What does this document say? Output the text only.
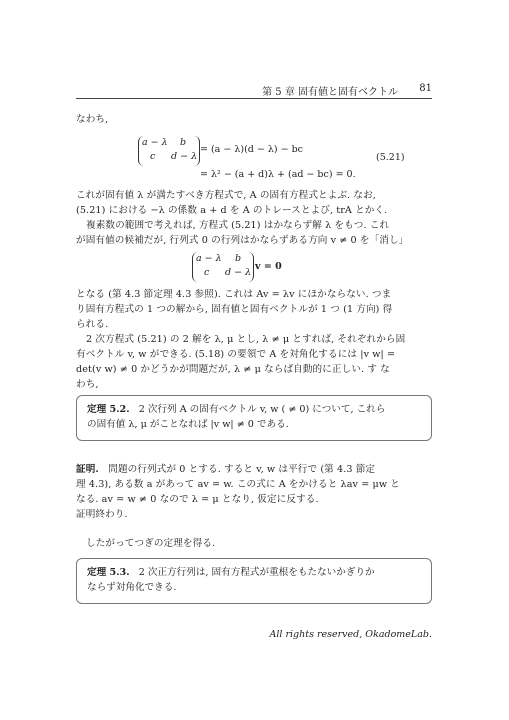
第 5 章 固有値と固有ベクトル 81
なわち,
a − λ b
c d − λ
= (a − λ)(d − λ) − bc
= λ² − (a + d)λ + (ad − bc) = 0.
(5.21)
これが固有値 λ が満たすべき方程式で, A の固有方程式とよぶ. なお,
(5.21) における −λ の係数 a + d を A のトレースとよび, trA とかく.
複素数の範囲で考えれば, 方程式 (5.21) はかならず解 λ をもつ. これ
が固有値の候補だが, 行列式 0 の行列はかならずある方向 v ≠ 0 を「消し」
a − λ b
c d − λ
v = 0
となる (第 4.3 節定理 4.3 参照). これは Av = λv にほかならない. つま
り固有方程式の 1 つの解から, 固有値と固有ベクトルが 1 つ (1 方向) 得
られる.
2 次方程式 (5.21) の 2 解を λ, μ とし, λ ≠ μ とすれば, それぞれから固
有ベクトル v, w ができる. (5.18) の要領で A を対角化するには |v w| =
det(v w) ≠ 0 かどうかが問題だが, λ ≠ μ ならば自動的に正しい. す な
わち,
定理 5.2. 2 次行列 A の固有ベクトル v, w ( ≠ 0) について, これら
の固有値 λ, μ がことなれば |v w| ≠ 0 である.
証明. 問題の行列式が 0 とする. すると v, w は平行で (第 4.3 節定
理 4.3), ある数 a があって av = w. この式に A をかけると λav = μw と
なる. av = w ≠ 0 なので λ = μ となり, 仮定に反する.
証明終わり.
したがってつぎの定理を得る.
定理 5.3. 2 次正方行列は, 固有方程式が重根をもたないかぎりか
ならず対角化できる.
All rights reserved, OkadomeLab.
